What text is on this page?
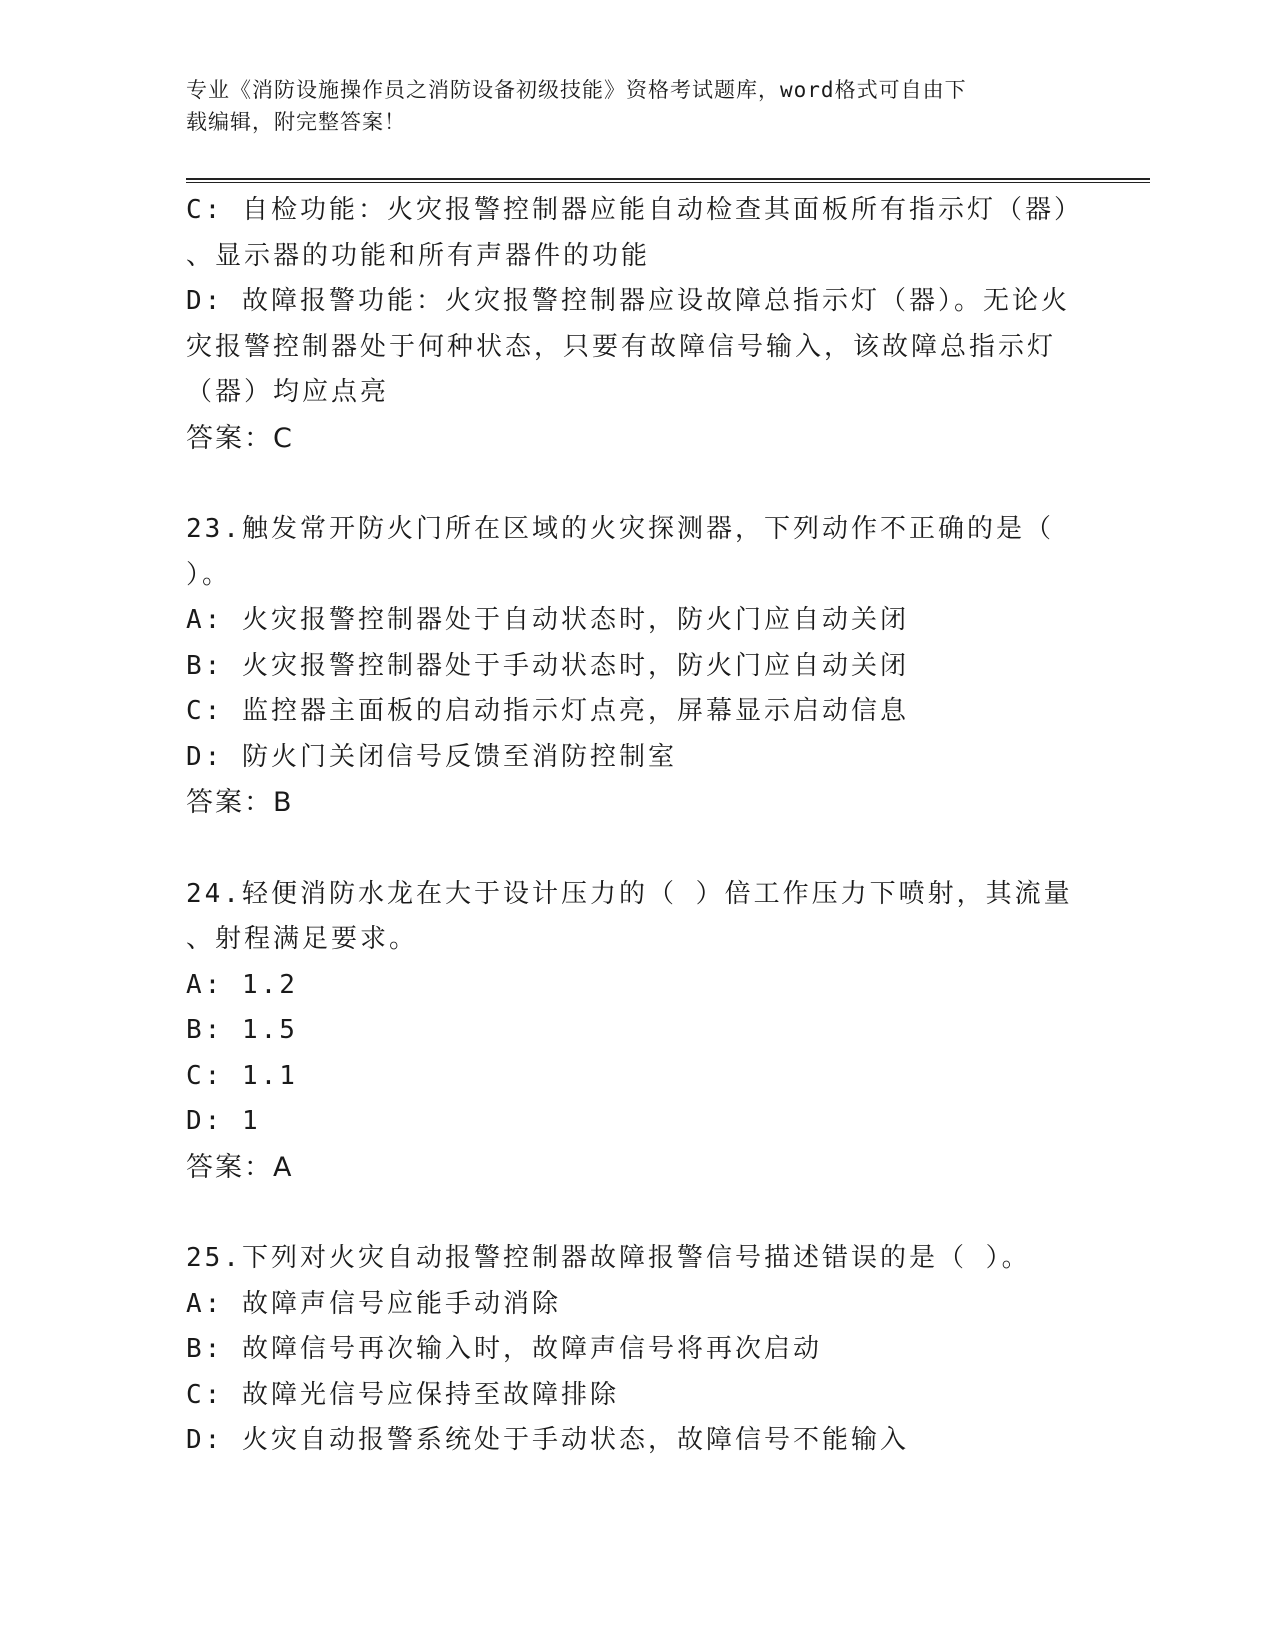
专业《消防设施操作员之消防设备初级技能》资格考试题库，word格式可自由下
载编辑，附完整答案！
C: 自检功能：火灾报警控制器应能自动检查其面板所有指示灯（器）
、显示器的功能和所有声器件的功能
D: 故障报警功能：火灾报警控制器应设故障总指示灯（器）。无论火
灾报警控制器处于何种状态，只要有故障信号输入，该故障总指示灯
（器）均应点亮
答案：C
23.触发常开防火门所在区域的火灾探测器，下列动作不正确的是（
）。
A: 火灾报警控制器处于自动状态时，防火门应自动关闭
B: 火灾报警控制器处于手动状态时，防火门应自动关闭
C: 监控器主面板的启动指示灯点亮，屏幕显示启动信息
D: 防火门关闭信号反馈至消防控制室
答案：B
24.轻便消防水龙在大于设计压力的（ ）倍工作压力下喷射，其流量
、射程满足要求。
A: 1.2
B: 1.5
C: 1.1
D: 1
答案：A
25.下列对火灾自动报警控制器故障报警信号描述错误的是（ ）。
A: 故障声信号应能手动消除
B: 故障信号再次输入时，故障声信号将再次启动
C: 故障光信号应保持至故障排除
D: 火灾自动报警系统处于手动状态，故障信号不能输入
